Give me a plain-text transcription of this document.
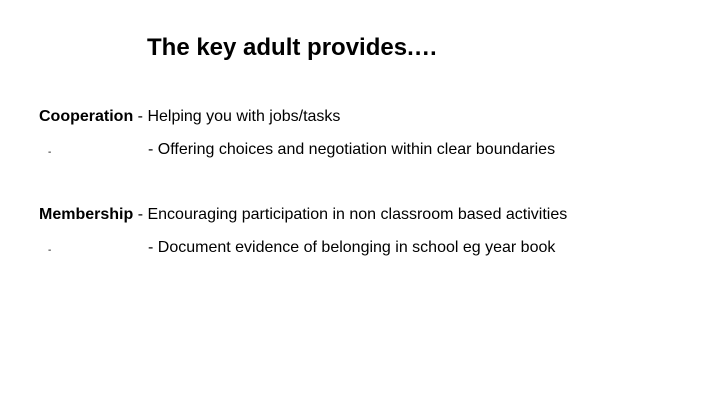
The key adult provides.…
Cooperation - Helping you with jobs/tasks
-	- Offering choices and negotiation within clear boundaries
Membership - Encouraging participation in non classroom based activities
-	- Document evidence of belonging in school eg year book
